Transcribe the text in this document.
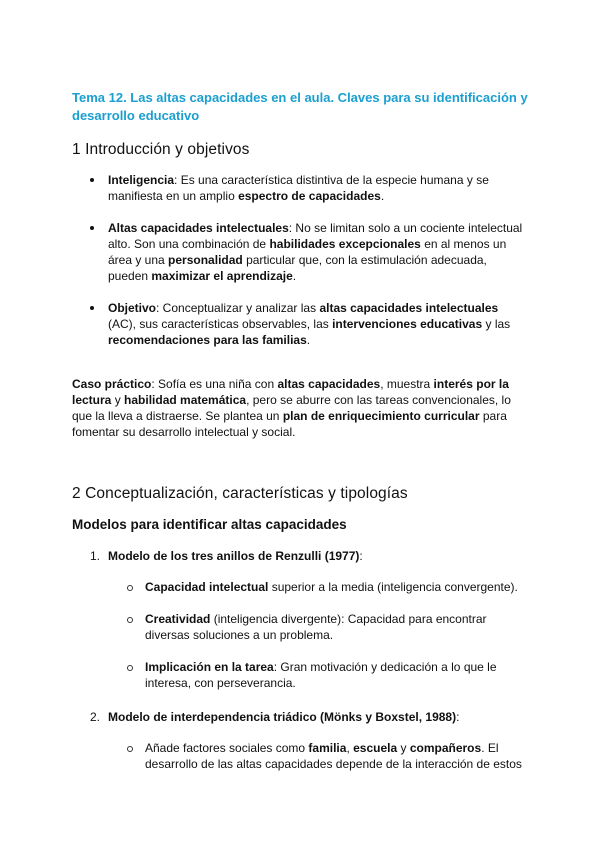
Tema 12. Las altas capacidades en el aula. Claves para su identificación y desarrollo educativo

1 Introducción y objetivos

Inteligencia: Es una característica distintiva de la especie humana y se manifiesta en un amplio espectro de capacidades.

Altas capacidades intelectuales: No se limitan solo a un cociente intelectual alto. Son una combinación de habilidades excepcionales en al menos un área y una personalidad particular que, con la estimulación adecuada, pueden maximizar el aprendizaje.

Objetivo: Conceptualizar y analizar las altas capacidades intelectuales (AC), sus características observables, las intervenciones educativas y las recomendaciones para las familias.

Caso práctico: Sofía es una niña con altas capacidades, muestra interés por la lectura y habilidad matemática, pero se aburre con las tareas convencionales, lo que la lleva a distraerse. Se plantea un plan de enriquecimiento curricular para fomentar su desarrollo intelectual y social.

2 Conceptualización, características y tipologías
Modelos para identificar altas capacidades

1. Modelo de los tres anillos de Renzulli (1977):

Capacidad intelectual superior a la media (inteligencia convergente).

Creatividad (inteligencia divergente): Capacidad para encontrar diversas soluciones a un problema.

Implicación en la tarea: Gran motivación y dedicación a lo que le interesa, con perseverancia.

2. Modelo de interdependencia triádico (Mönks y Boxstel, 1988):

Añade factores sociales como familia, escuela y compañeros. El desarrollo de las altas capacidades depende de la interacción de estos
